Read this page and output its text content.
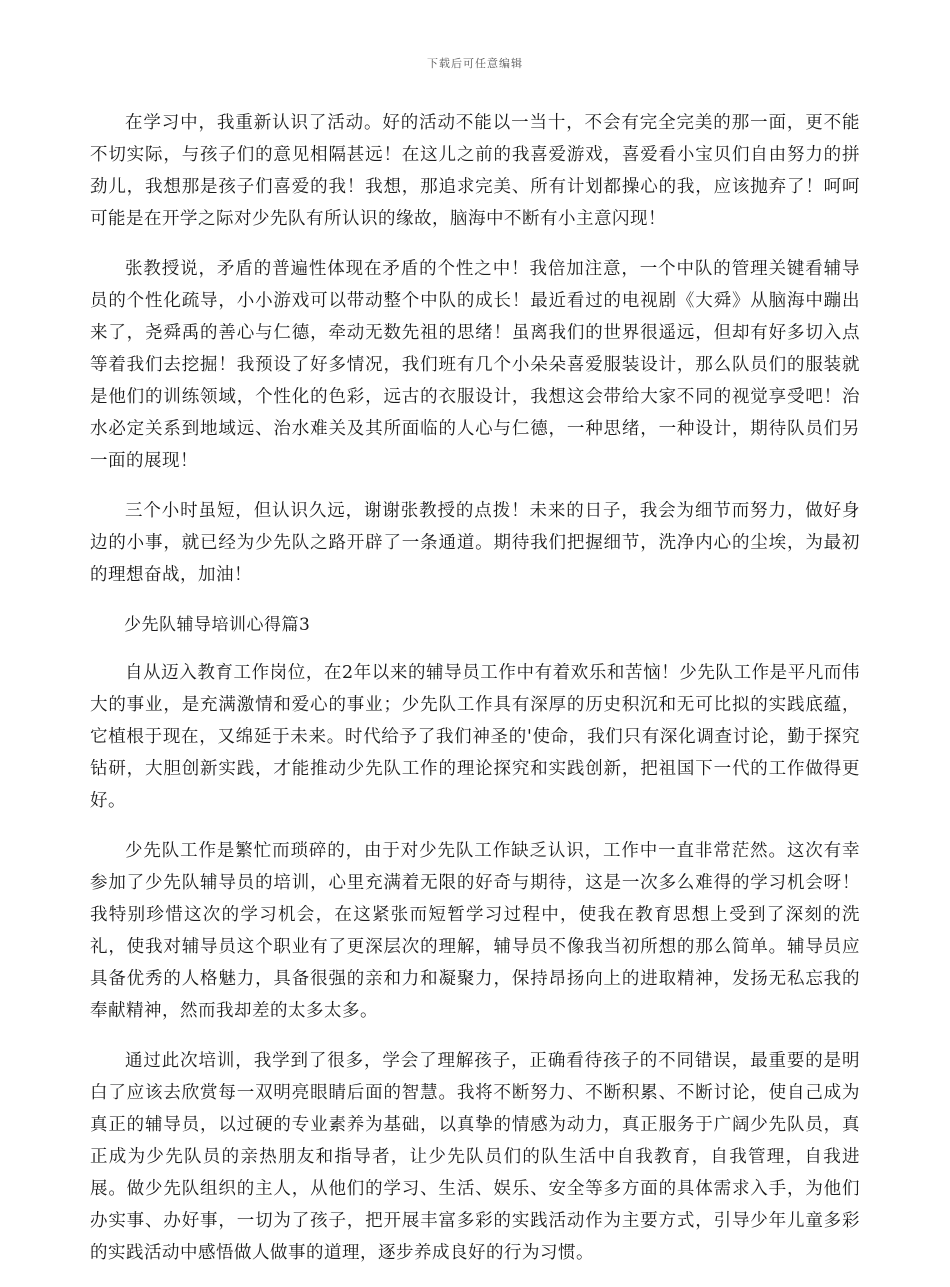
下载后可任意编辑

在学习中，我重新认识了活动。好的活动不能以一当十，不会有完全完美的那一面，更不能不切实际，与孩子们的意见相隔甚远！在这儿之前的我喜爱游戏，喜爱看小宝贝们自由努力的拼劲儿，我想那是孩子们喜爱的我！我想，那追求完美、所有计划都操心的我，应该抛弃了！呵呵可能是在开学之际对少先队有所认识的缘故，脑海中不断有小主意闪现！

张教授说，矛盾的普遍性体现在矛盾的个性之中！我倍加注意，一个中队的管理关键看辅导员的个性化疏导，小小游戏可以带动整个中队的成长！最近看过的电视剧《大舜》从脑海中蹦出来了，尧舜禹的善心与仁德，牵动无数先祖的思绪！虽离我们的世界很遥远，但却有好多切入点等着我们去挖掘！我预设了好多情况，我们班有几个小朵朵喜爱服装设计，那么队员们的服装就是他们的训练领域，个性化的色彩，远古的衣服设计，我想这会带给大家不同的视觉享受吧！治水必定关系到地域远、治水难关及其所面临的人心与仁德，一种思绪，一种设计，期待队员们另一面的展现！

三个小时虽短，但认识久远，谢谢张教授的点拨！未来的日子，我会为细节而努力，做好身边的小事，就已经为少先队之路开辟了一条通道。期待我们把握细节，洗净内心的尘埃，为最初的理想奋战，加油！

少先队辅导培训心得篇3

自从迈入教育工作岗位，在2年以来的辅导员工作中有着欢乐和苦恼！少先队工作是平凡而伟大的事业，是充满激情和爱心的事业；少先队工作具有深厚的历史积沉和无可比拟的实践底蕴，它植根于现在，又绵延于未来。时代给予了我们神圣的'使命，我们只有深化调查讨论，勤于探究钻研，大胆创新实践，才能推动少先队工作的理论探究和实践创新，把祖国下一代的工作做得更好。

少先队工作是繁忙而琐碎的，由于对少先队工作缺乏认识，工作中一直非常茫然。这次有幸参加了少先队辅导员的培训，心里充满着无限的好奇与期待，这是一次多么难得的学习机会呀！我特别珍惜这次的学习机会，在这紧张而短暂学习过程中，使我在教育思想上受到了深刻的洗礼，使我对辅导员这个职业有了更深层次的理解，辅导员不像我当初所想的那么简单。辅导员应具备优秀的人格魅力，具备很强的亲和力和凝聚力，保持昂扬向上的进取精神，发扬无私忘我的奉献精神，然而我却差的太多太多。

通过此次培训，我学到了很多，学会了理解孩子，正确看待孩子的不同错误，最重要的是明白了应该去欣赏每一双明亮眼睛后面的智慧。我将不断努力、不断积累、不断讨论，使自己成为真正的辅导员，以过硬的专业素养为基础，以真挚的情感为动力，真正服务于广阔少先队员，真正成为少先队员的亲热朋友和指导者，让少先队员们的队生活中自我教育，自我管理，自我进展。做少先队组织的主人，从他们的学习、生活、娱乐、安全等多方面的具体需求入手，为他们办实事、办好事，一切为了孩子，把开展丰富多彩的实践活动作为主要方式，引导少年儿童多彩的实践活动中感悟做人做事的道理，逐步养成良好的行为习惯。
